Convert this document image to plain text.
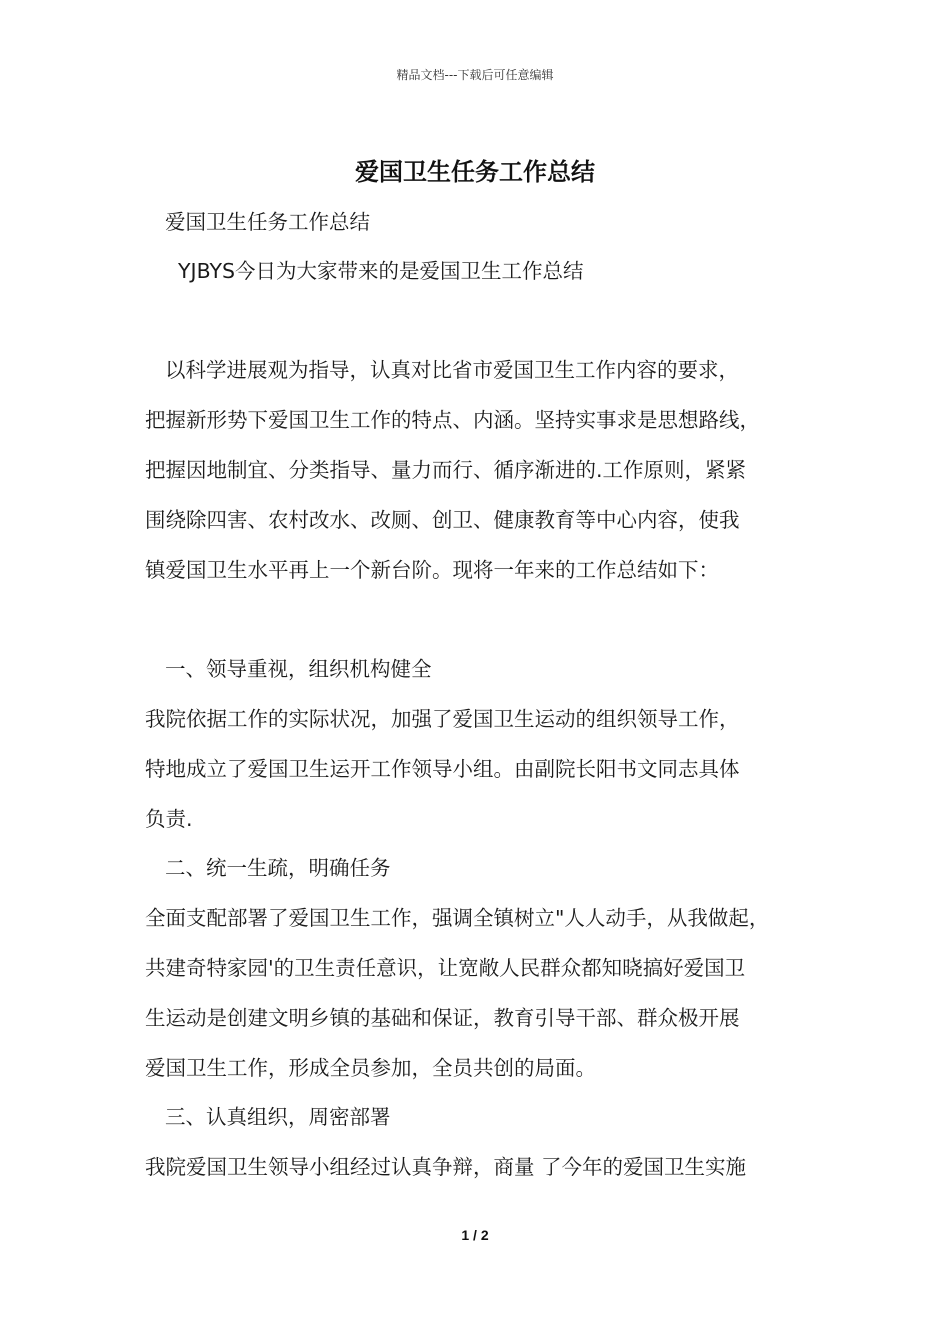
精品文档---下载后可任意编辑
爱国卫生任务工作总结
爱国卫生任务工作总结
YJBYS今日为大家带来的是爱国卫生工作总结
以科学进展观为指导，认真对比省市爱国卫生工作内容的要求，
把握新形势下爱国卫生工作的特点、内涵。坚持实事求是思想路线，
把握因地制宜、分类指导、量力而行、循序渐进的.工作原则，紧紧
围绕除四害、农村改水、改厕、创卫、健康教育等中心内容，使我
镇爱国卫生水平再上一个新台阶。现将一年来的工作总结如下：
一、领导重视，组织机构健全
我院依据工作的实际状况，加强了爱国卫生运动的组织领导工作，
特地成立了爱国卫生运开工作领导小组。由副院长阳书文同志具体
负责.
二、统一生疏，明确任务
全面支配部署了爱国卫生工作，强调全镇树立"人人动手，从我做起，
共建奇特家园'的卫生责任意识，让宽敞人民群众都知晓搞好爱国卫
生运动是创建文明乡镇的基础和保证，教育引导干部、群众极开展
爱国卫生工作，形成全员参加，全员共创的局面。
三、认真组织，周密部署
我院爱国卫生领导小组经过认真争辩，商量 了今年的爱国卫生实施
1 / 2
